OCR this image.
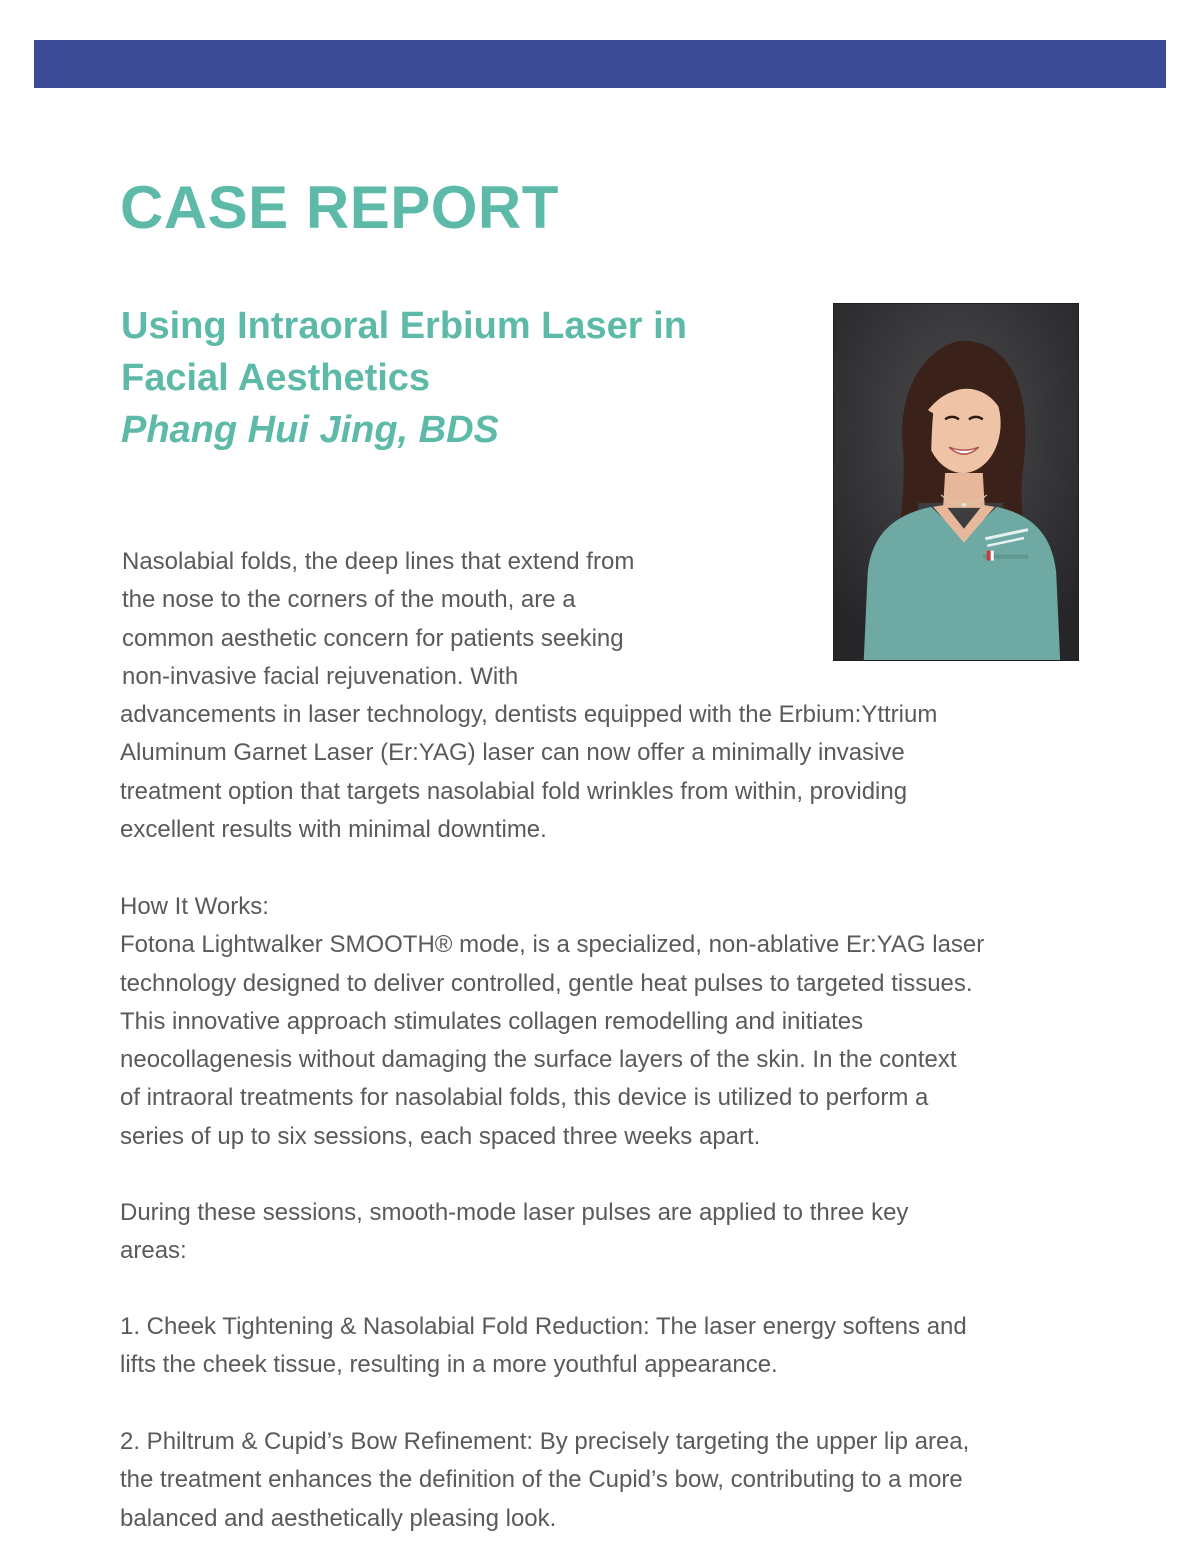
CASE REPORT
Using Intraoral Erbium Laser in
Facial Aesthetics
Phang Hui Jing, BDS

Nasolabial folds, the deep lines that extend from
the nose to the corners of the mouth, are a
common aesthetic concern for patients seeking
non-invasive facial rejuvenation. With

advancements in laser technology, dentists equipped with the Erbium:Yttrium
Aluminum Garnet Laser (Er:YAG) laser can now offer a minimally invasive
treatment option that targets nasolabial fold wrinkles from within, providing
excellent results with minimal downtime.

How It Works:
Fotona Lightwalker SMOOTH® mode, is a specialized, non-ablative Er:YAG laser
technology designed to deliver controlled, gentle heat pulses to targeted tissues.
This innovative approach stimulates collagen remodelling and initiates
neocollagenesis without damaging the surface layers of the skin. In the context
of intraoral treatments for nasolabial folds, this device is utilized to perform a
series of up to six sessions, each spaced three weeks apart.

During these sessions, smooth-mode laser pulses are applied to three key
areas:

1. Cheek Tightening & Nasolabial Fold Reduction: The laser energy softens and
lifts the cheek tissue, resulting in a more youthful appearance.

2. Philtrum & Cupid’s Bow Refinement: By precisely targeting the upper lip area,
the treatment enhances the definition of the Cupid’s bow, contributing to a more
balanced and aesthetically pleasing look.
